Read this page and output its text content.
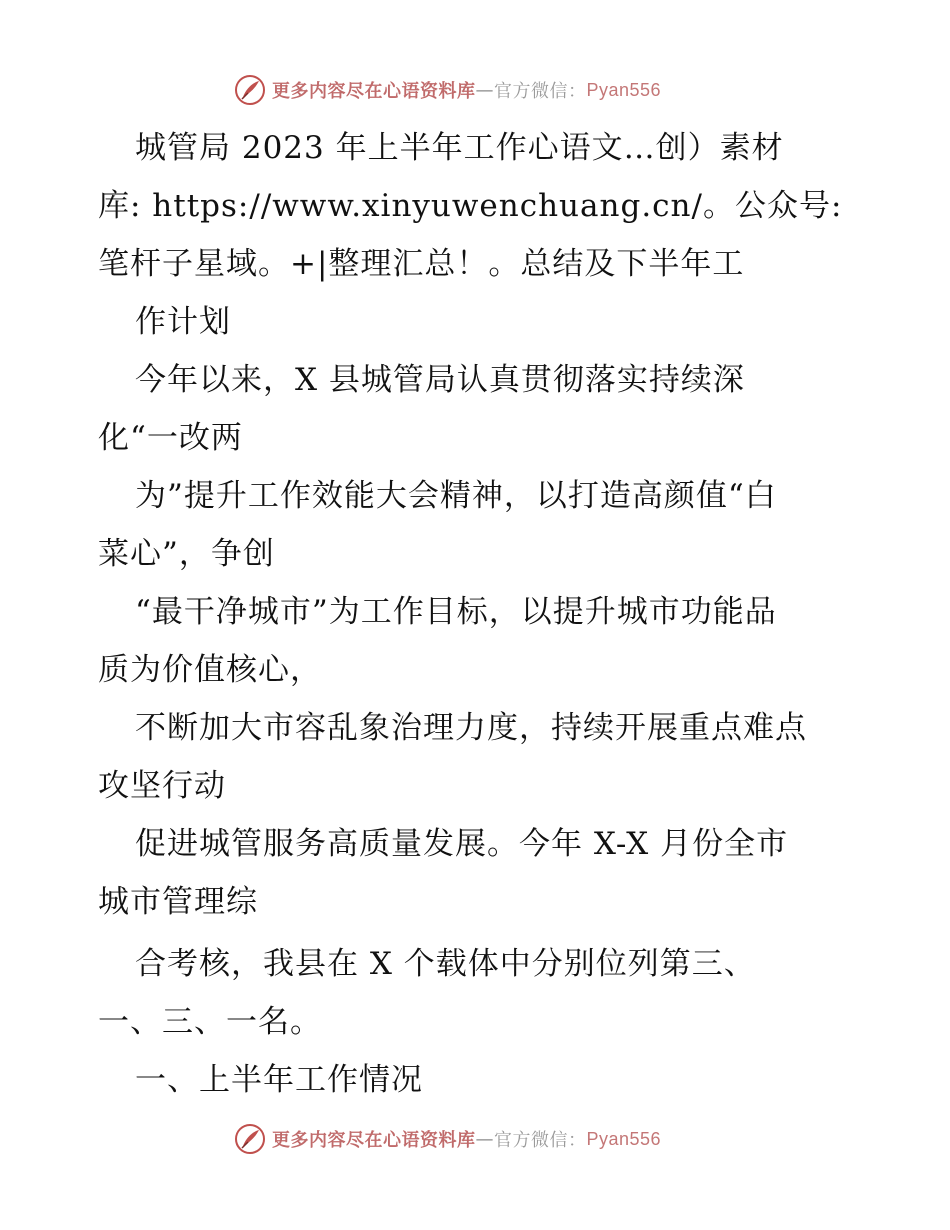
更多内容尽在心语资料库 — 官方微信： Pyan556
城管局 2023 年上半年工作心语文…创）素材
库: https://www.xinyuwenchuang.cn/。公众号:
笔杆子星域。+|整理汇总！。总结及下半年工
作计划
今年以来，X 县城管局认真贯彻落实持续深
化“一改两
为”提升工作效能大会精神，以打造高颜值“白
菜心”，争创
“最干净城市”为工作目标，以提升城市功能品
质为价值核心，
不断加大市容乱象治理力度，持续开展重点难点
攻坚行动
促进城管服务高质量发展。今年 X-X 月份全市
城市管理综
合考核，我县在 X 个载体中分别位列第三、
一、三、一名。
一、上半年工作情况
更多内容尽在心语资料库 — 官方微信： Pyan556
